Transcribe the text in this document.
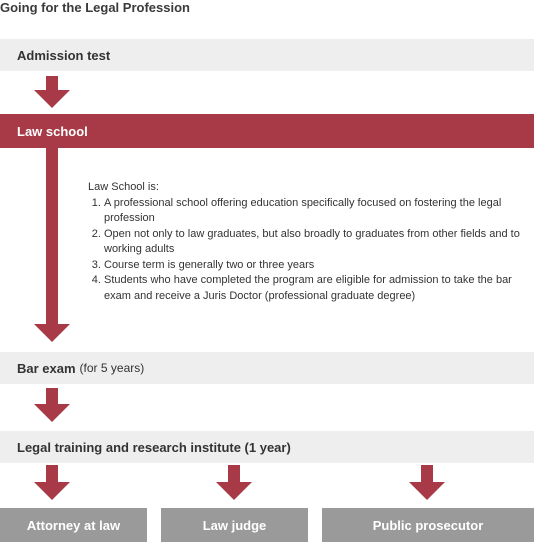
Going for the Legal Profession
Admission test
Law school
Law School is:
1. A professional school offering education specifically focused on fostering the legal profession
2. Open not only to law graduates, but also broadly to graduates from other fields and to working adults
3. Course term is generally two or three years
4. Students who have completed the program are eligible for admission to take the bar exam and receive a Juris Doctor (professional graduate degree)
Bar exam (for 5 years)
Legal training and research institute (1 year)
Attorney at law	Law judge	Public prosecutor
